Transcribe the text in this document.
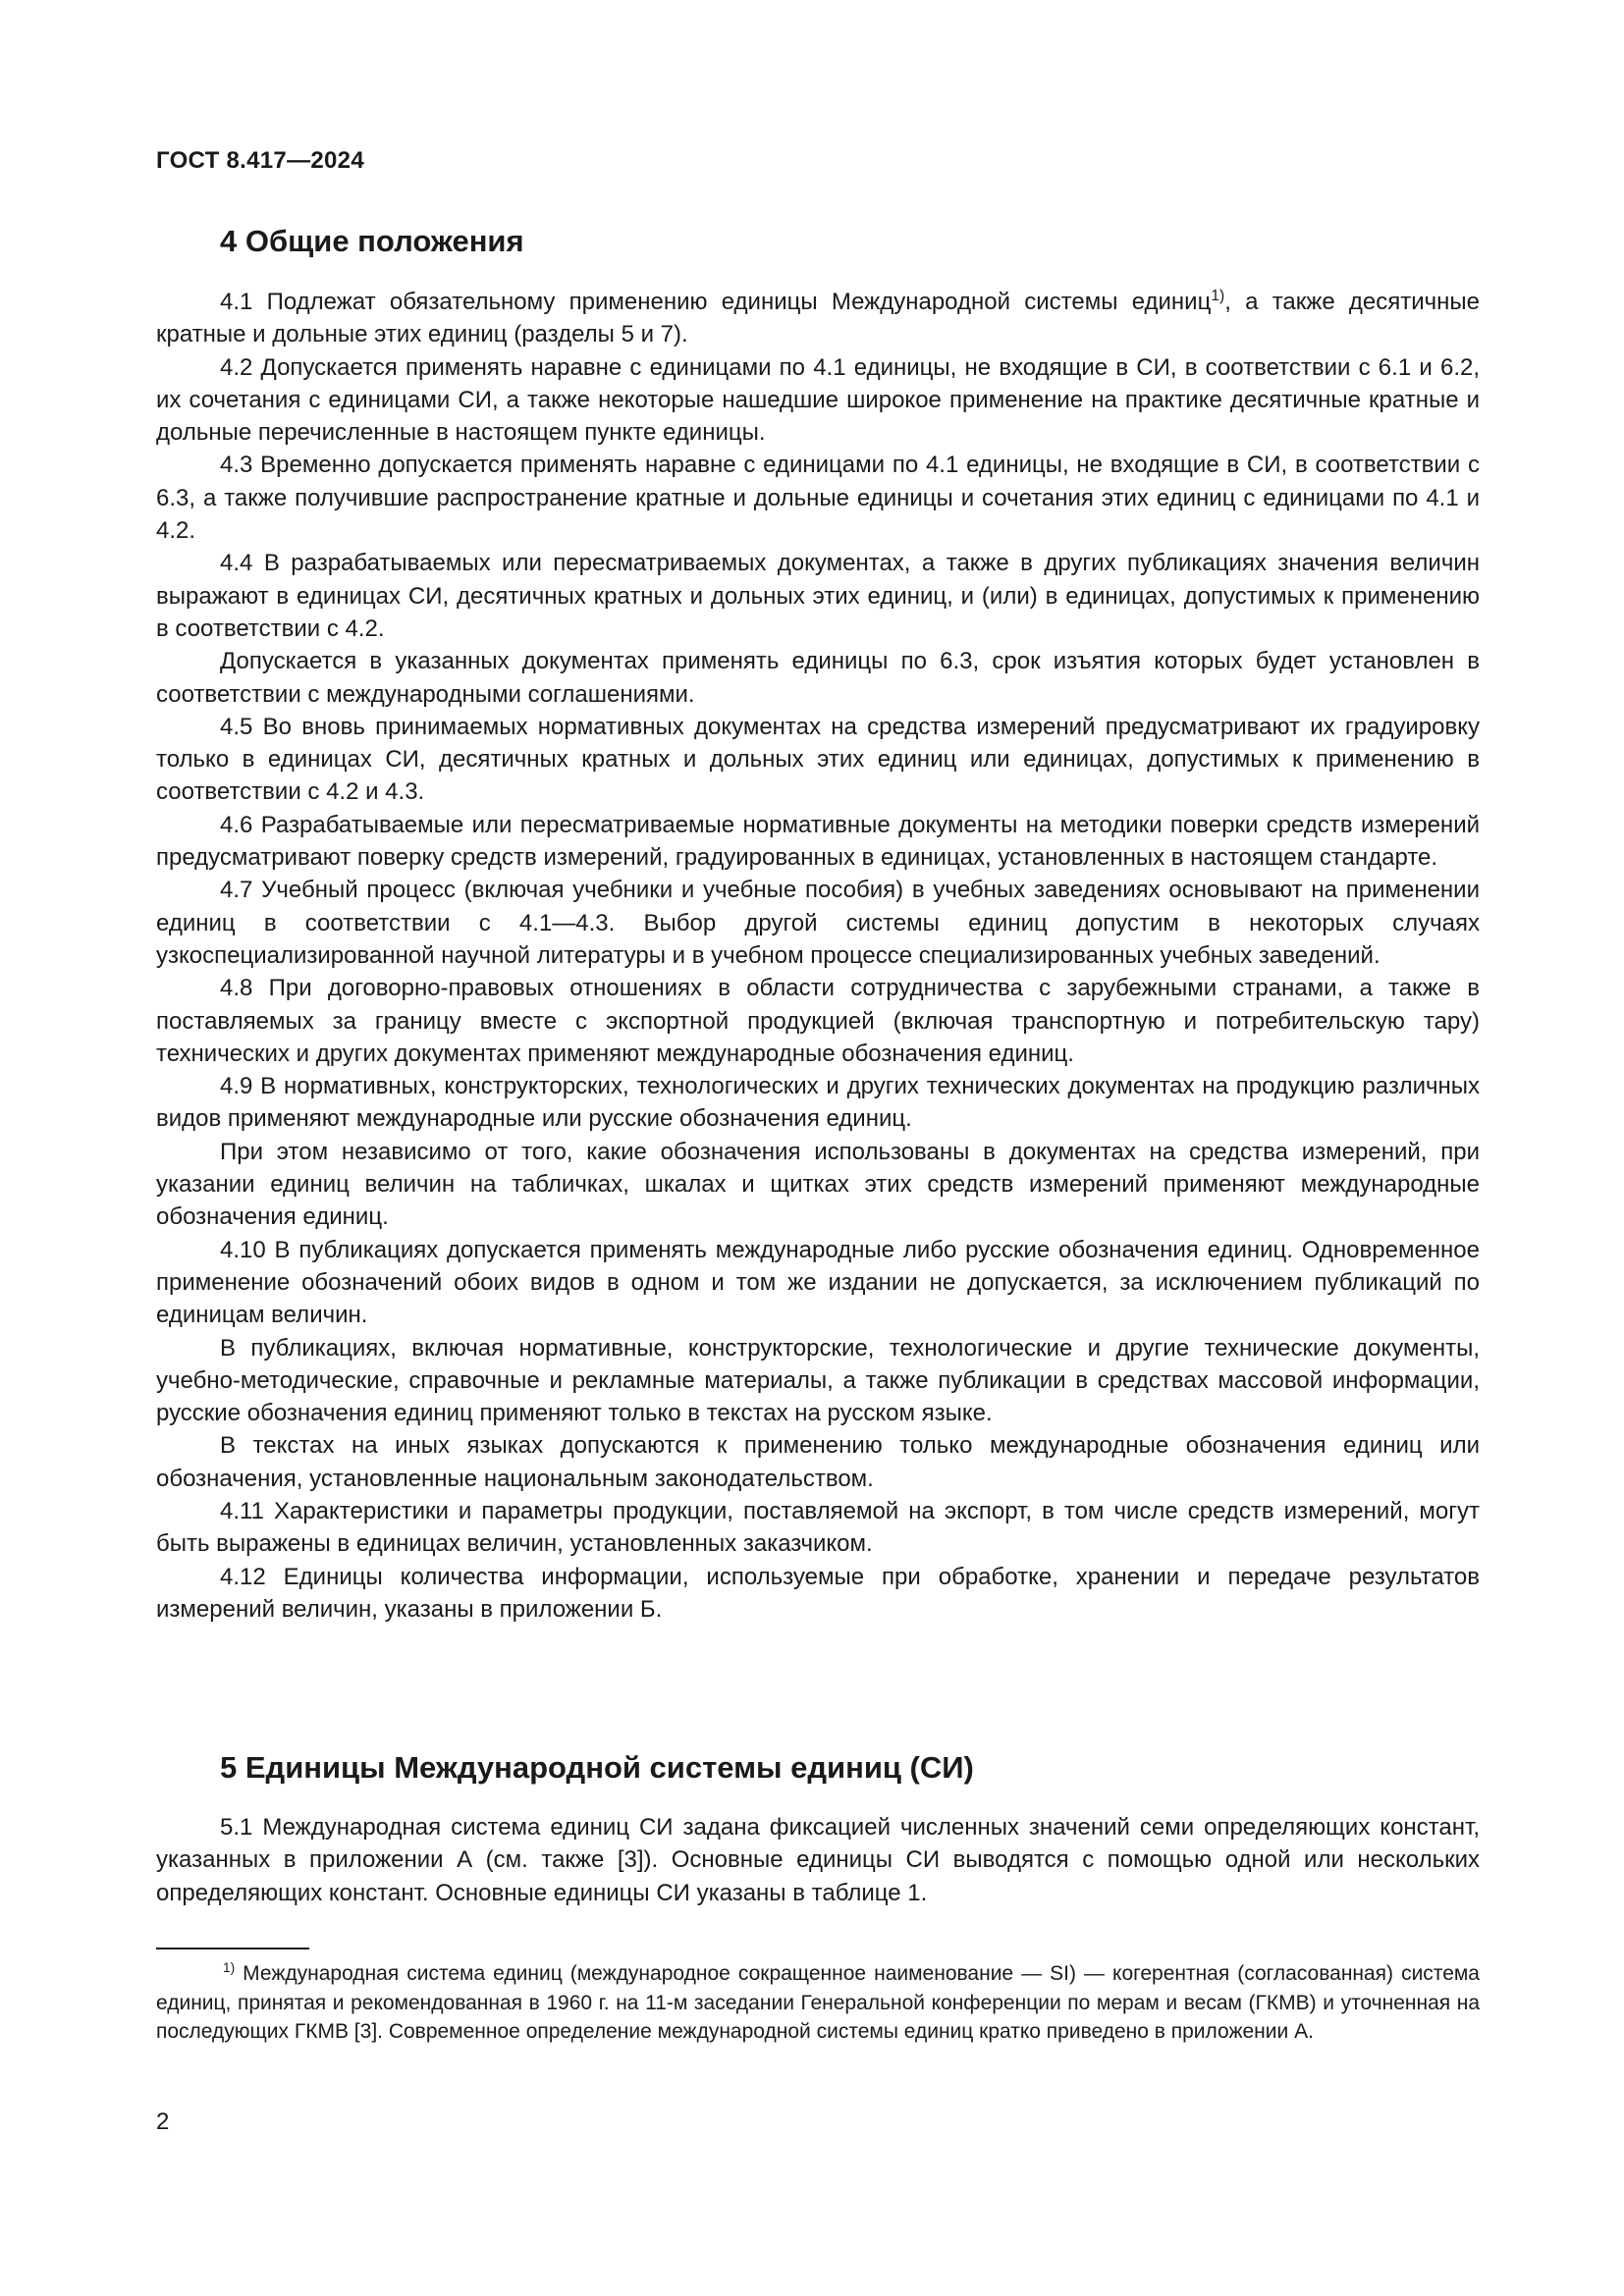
ГОСТ 8.417—2024
4 Общие положения

4.1 Подлежат обязательному применению единицы Международной системы единиц$^{1)}$, а также десятичные кратные и дольные этих единиц (разделы 5 и 7).

4.2 Допускается применять наравне с единицами по 4.1 единицы, не входящие в СИ, в соответствии с 6.1 и 6.2, их сочетания с единицами СИ, а также некоторые нашедшие широкое применение на практике десятичные кратные и дольные перечисленные в настоящем пункте единицы.

4.3 Временно допускается применять наравне с единицами по 4.1 единицы, не входящие в СИ, в соответствии с 6.3, а также получившие распространение кратные и дольные единицы и сочетания этих единиц с единицами по 4.1 и 4.2.

4.4 В разрабатываемых или пересматриваемых документах, а также в других публикациях значения величин выражают в единицах СИ, десятичных кратных и дольных этих единиц, и (или) в единицах, допустимых к применению в соответствии с 4.2.

Допускается в указанных документах применять единицы по 6.3, срок изъятия которых будет установлен в соответствии с международными соглашениями.

4.5 Во вновь принимаемых нормативных документах на средства измерений предусматривают их градуировку только в единицах СИ, десятичных кратных и дольных этих единиц или единицах, допустимых к применению в соответствии с 4.2 и 4.3.

4.6 Разрабатываемые или пересматриваемые нормативные документы на методики поверки средств измерений предусматривают поверку средств измерений, градуированных в единицах, установленных в настоящем стандарте.

4.7 Учебный процесс (включая учебники и учебные пособия) в учебных заведениях основывают на применении единиц в соответствии с 4.1—4.3. Выбор другой системы единиц допустим в некоторых случаях узкоспециализированной научной литературы и в учебном процессе специализированных учебных заведений.

4.8 При договорно-правовых отношениях в области сотрудничества с зарубежными странами, а также в поставляемых за границу вместе с экспортной продукцией (включая транспортную и потребительскую тару) технических и других документах применяют международные обозначения единиц.

4.9 В нормативных, конструкторских, технологических и других технических документах на продукцию различных видов применяют международные или русские обозначения единиц.

При этом независимо от того, какие обозначения использованы в документах на средства измерений, при указании единиц величин на табличках, шкалах и щитках этих средств измерений применяют международные обозначения единиц.

4.10 В публикациях допускается применять международные либо русские обозначения единиц. Одновременное применение обозначений обоих видов в одном и том же издании не допускается, за исключением публикаций по единицам величин.

В публикациях, включая нормативные, конструкторские, технологические и другие технические документы, учебно-методические, справочные и рекламные материалы, а также публикации в средствах массовой информации, русские обозначения единиц применяют только в текстах на русском языке.

В текстах на иных языках допускаются к применению только международные обозначения единиц или обозначения, установленные национальным законодательством.

4.11 Характеристики и параметры продукции, поставляемой на экспорт, в том числе средств измерений, могут быть выражены в единицах величин, установленных заказчиком.

4.12 Единицы количества информации, используемые при обработке, хранении и передаче результатов измерений величин, указаны в приложении Б.

5 Единицы Международной системы единиц (СИ)

5.1 Международная система единиц СИ задана фиксацией численных значений семи определяющих констант, указанных в приложении А (см. также [3]). Основные единицы СИ выводятся с помощью одной или нескольких определяющих констант. Основные единицы СИ указаны в таблице 1.

$^{1)}$ Международная система единиц (международное сокращенное наименование — SI) — когерентная (согласованная) система единиц, принятая и рекомендованная в 1960 г. на 11-м заседании Генеральной конференции по мерам и весам (ГКМВ) и уточненная на последующих ГКМВ [3]. Современное определение международной системы единиц кратко приведено в приложении А.
2
